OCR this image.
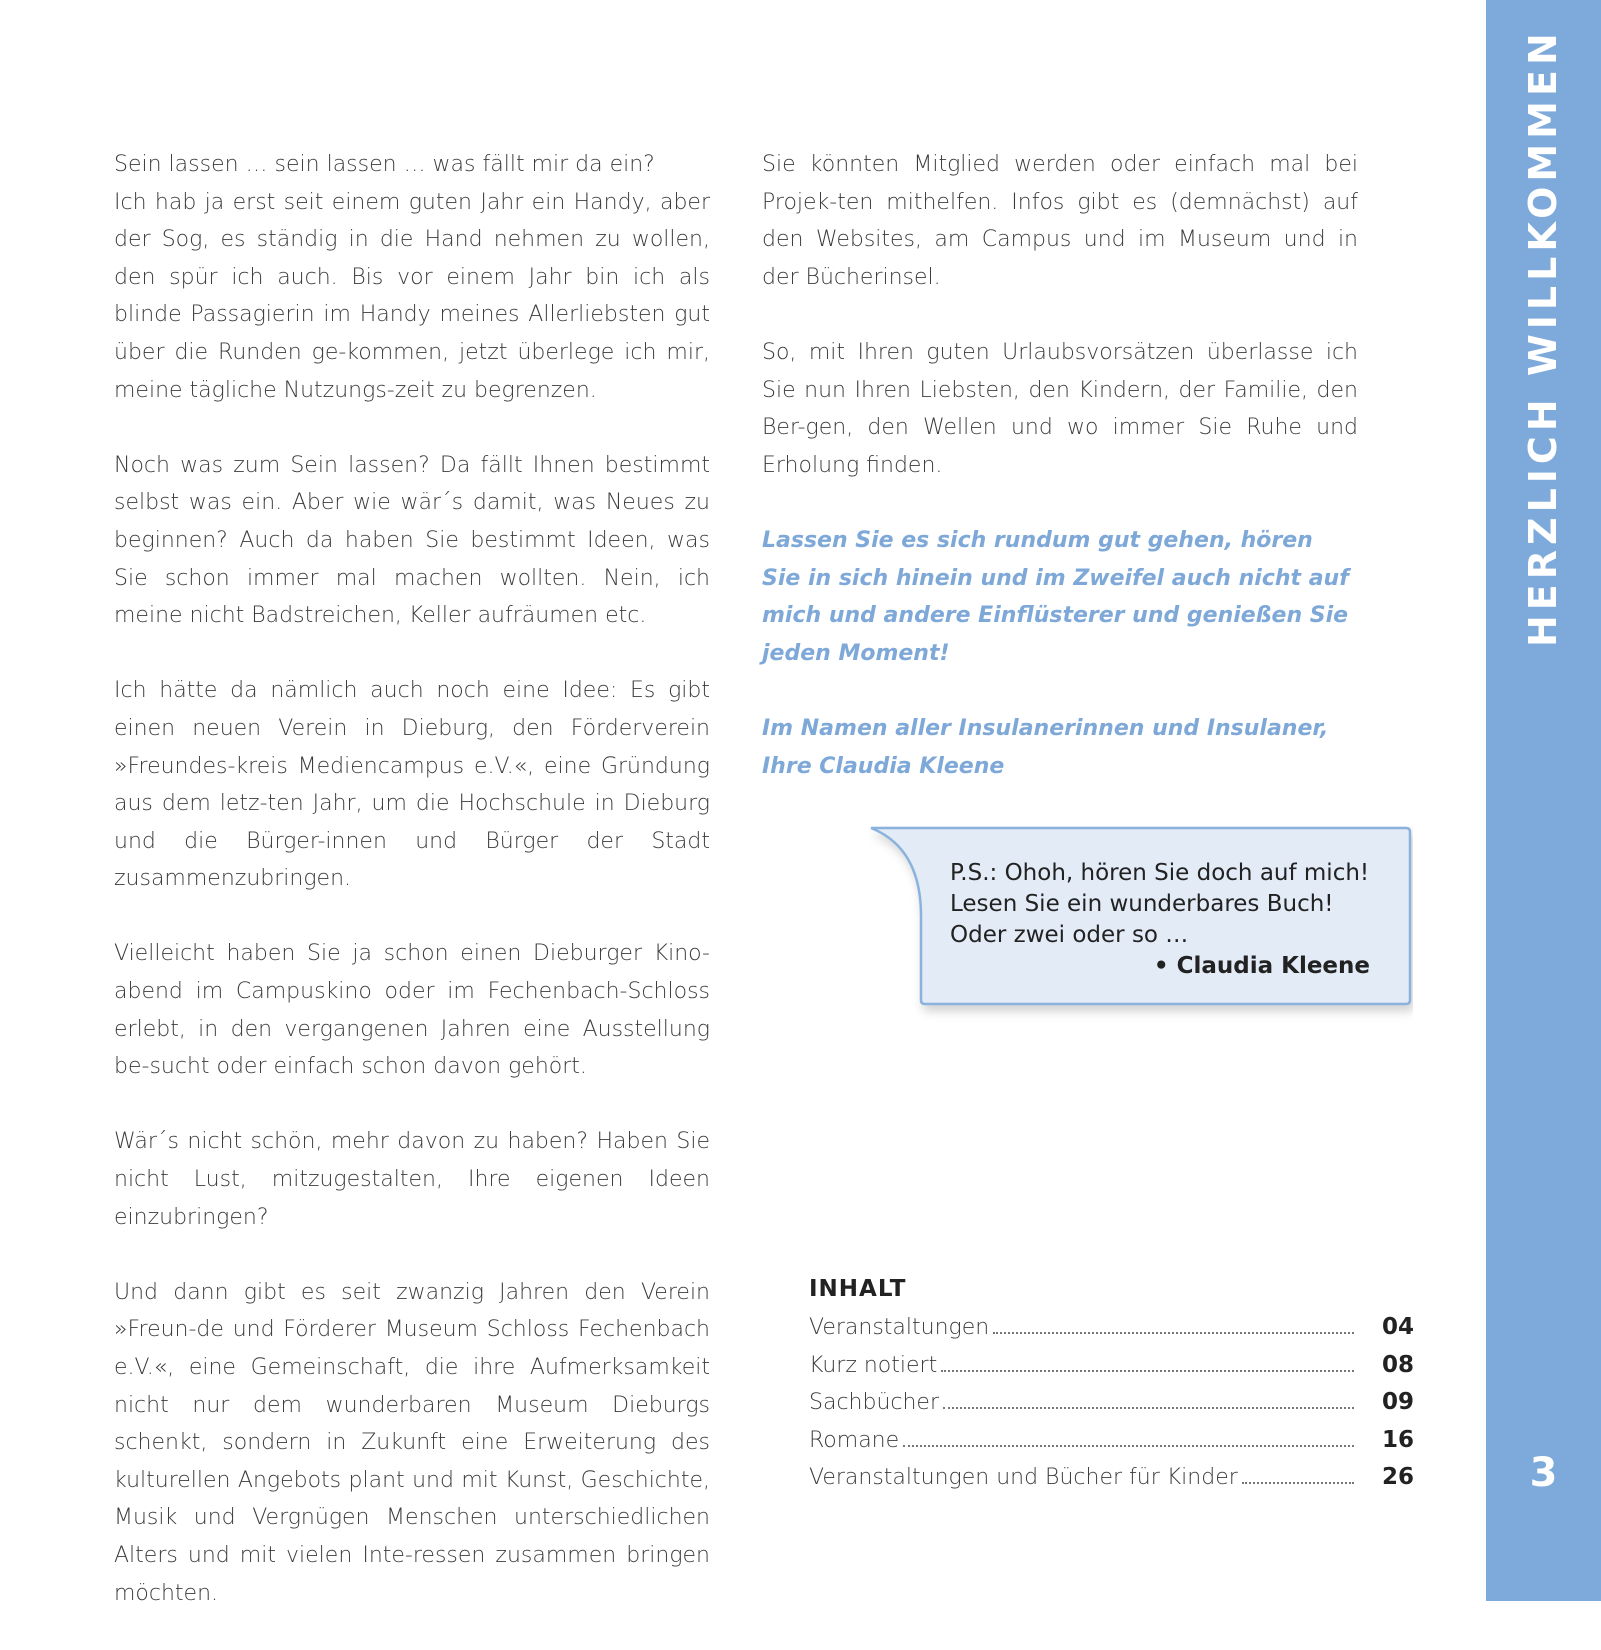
Sein lassen … sein lassen … was fällt mir da ein?

Ich hab ja erst seit einem guten Jahr ein Handy, aber der Sog, es ständig in die Hand nehmen zu wollen, den spür ich auch. Bis vor einem Jahr bin ich als blinde Passagierin im Handy meines Allerliebsten gut über die Runden ge-kommen, jetzt überlege ich mir, meine tägliche Nutzungs-zeit zu begrenzen.

Noch was zum Sein lassen? Da fällt Ihnen bestimmt selbst was ein. Aber wie wär´s damit, was Neues zu beginnen? Auch da haben Sie bestimmt Ideen, was Sie schon immer mal machen wollten. Nein, ich meine nicht Badstreichen, Keller aufräumen etc.

Ich hätte da nämlich auch noch eine Idee: Es gibt einen neuen Verein in Dieburg, den Förderverein »Freundes-kreis Mediencampus e.V.«, eine Gründung aus dem letz-ten Jahr, um die Hochschule in Dieburg und die Bürger-innen und Bürger der Stadt zusammenzubringen.

Vielleicht haben Sie ja schon einen Dieburger Kino-abend im Campuskino oder im Fechenbach-Schloss erlebt, in den vergangenen Jahren eine Ausstellung be-sucht oder einfach schon davon gehört.

Wär´s nicht schön, mehr davon zu haben? Haben Sie nicht Lust, mitzugestalten, Ihre eigenen Ideen einzubringen?

Und dann gibt es seit zwanzig Jahren den Verein »Freun-de und Förderer Museum Schloss Fechenbach e.V.«, eine Gemeinschaft, die ihre Aufmerksamkeit nicht nur dem wunderbaren Museum Dieburgs schenkt, sondern in Zukunft eine Erweiterung des kulturellen Angebots plant und mit Kunst, Geschichte, Musik und Vergnügen Menschen unterschiedlichen Alters und mit vielen Inte-ressen zusammen bringen möchten.

Sie könnten Mitglied werden oder einfach mal bei Projek-ten mithelfen. Infos gibt es (demnächst) auf den Websites, am Campus und im Museum und in der Bücherinsel.

So, mit Ihren guten Urlaubsvorsätzen überlasse ich Sie nun Ihren Liebsten, den Kindern, der Familie, den Ber-gen, den Wellen und wo immer Sie Ruhe und Erholung finden.

Lassen Sie es sich rundum gut gehen, hören Sie in sich hinein und im Zweifel auch nicht auf mich und andere Einflüsterer und genießen Sie jeden Moment!

Im Namen aller Insulanerinnen und Insulaner,

Ihre Claudia Kleene

P.S.: Ohoh, hören Sie doch auf mich!
Lesen Sie ein wunderbares Buch!
Oder zwei oder so …
• Claudia Kleene
INHALT
Veranstaltungen	04
Kurz notiert	08
Sachbücher	09
Romane	16
Veranstaltungen und Bücher für Kinder	26
HERZLICH WILLKOMMEN
3
